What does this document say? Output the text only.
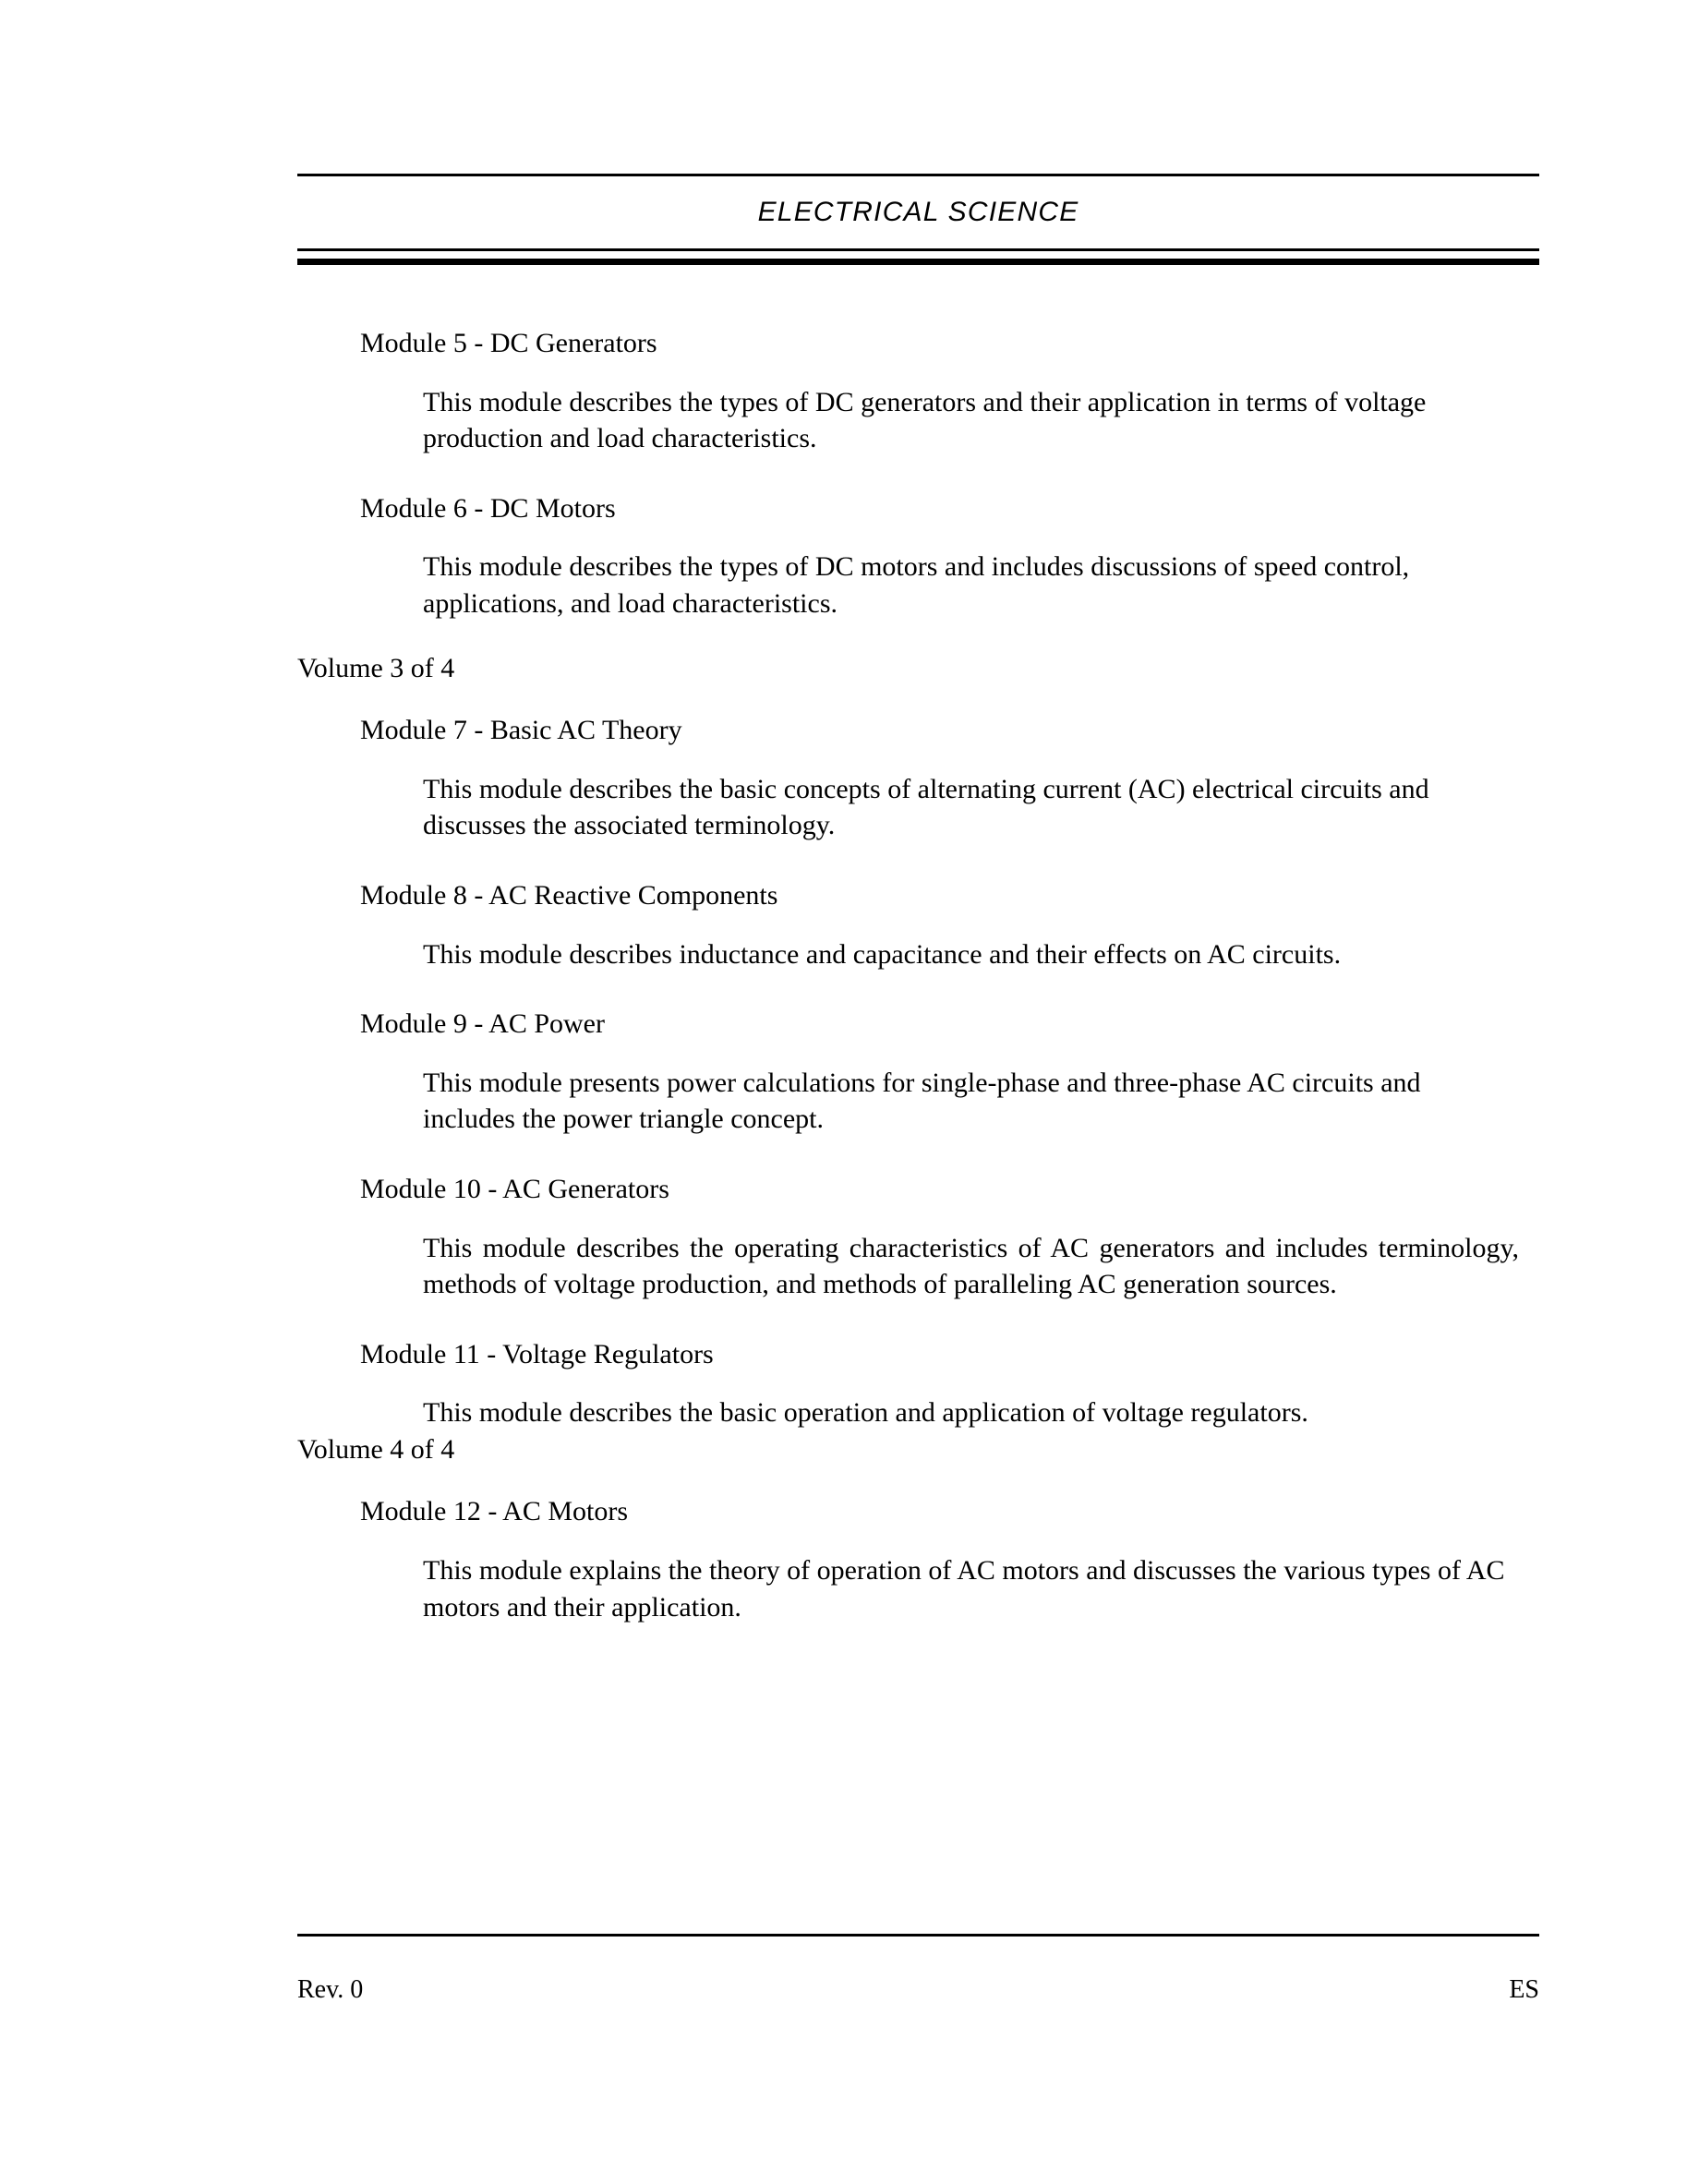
ELECTRICAL SCIENCE

Module 5 - DC Generators

This module describes the types of DC generators and their application in terms of voltage production and load characteristics.

Module 6 - DC Motors

This module describes the types of DC motors and includes discussions of speed control, applications, and load characteristics.

Volume 3 of 4

Module 7 - Basic AC Theory

This module describes the basic concepts of alternating current (AC) electrical circuits and discusses the associated terminology.

Module 8 - AC Reactive Components

This module describes inductance and capacitance and their effects on AC circuits.

Module 9 - AC Power

This module presents power calculations for single-phase and three-phase AC circuits and includes the power triangle concept.

Module 10 - AC Generators

This module describes the operating characteristics of AC generators and includes terminology, methods of voltage production, and methods of paralleling AC generation sources.

Module 11 - Voltage Regulators

This module describes the basic operation and application of voltage regulators.

Volume 4 of 4

Module 12 - AC Motors

This module explains the theory of operation of AC motors and discusses the various types of AC motors and their application.

Rev. 0	ES
